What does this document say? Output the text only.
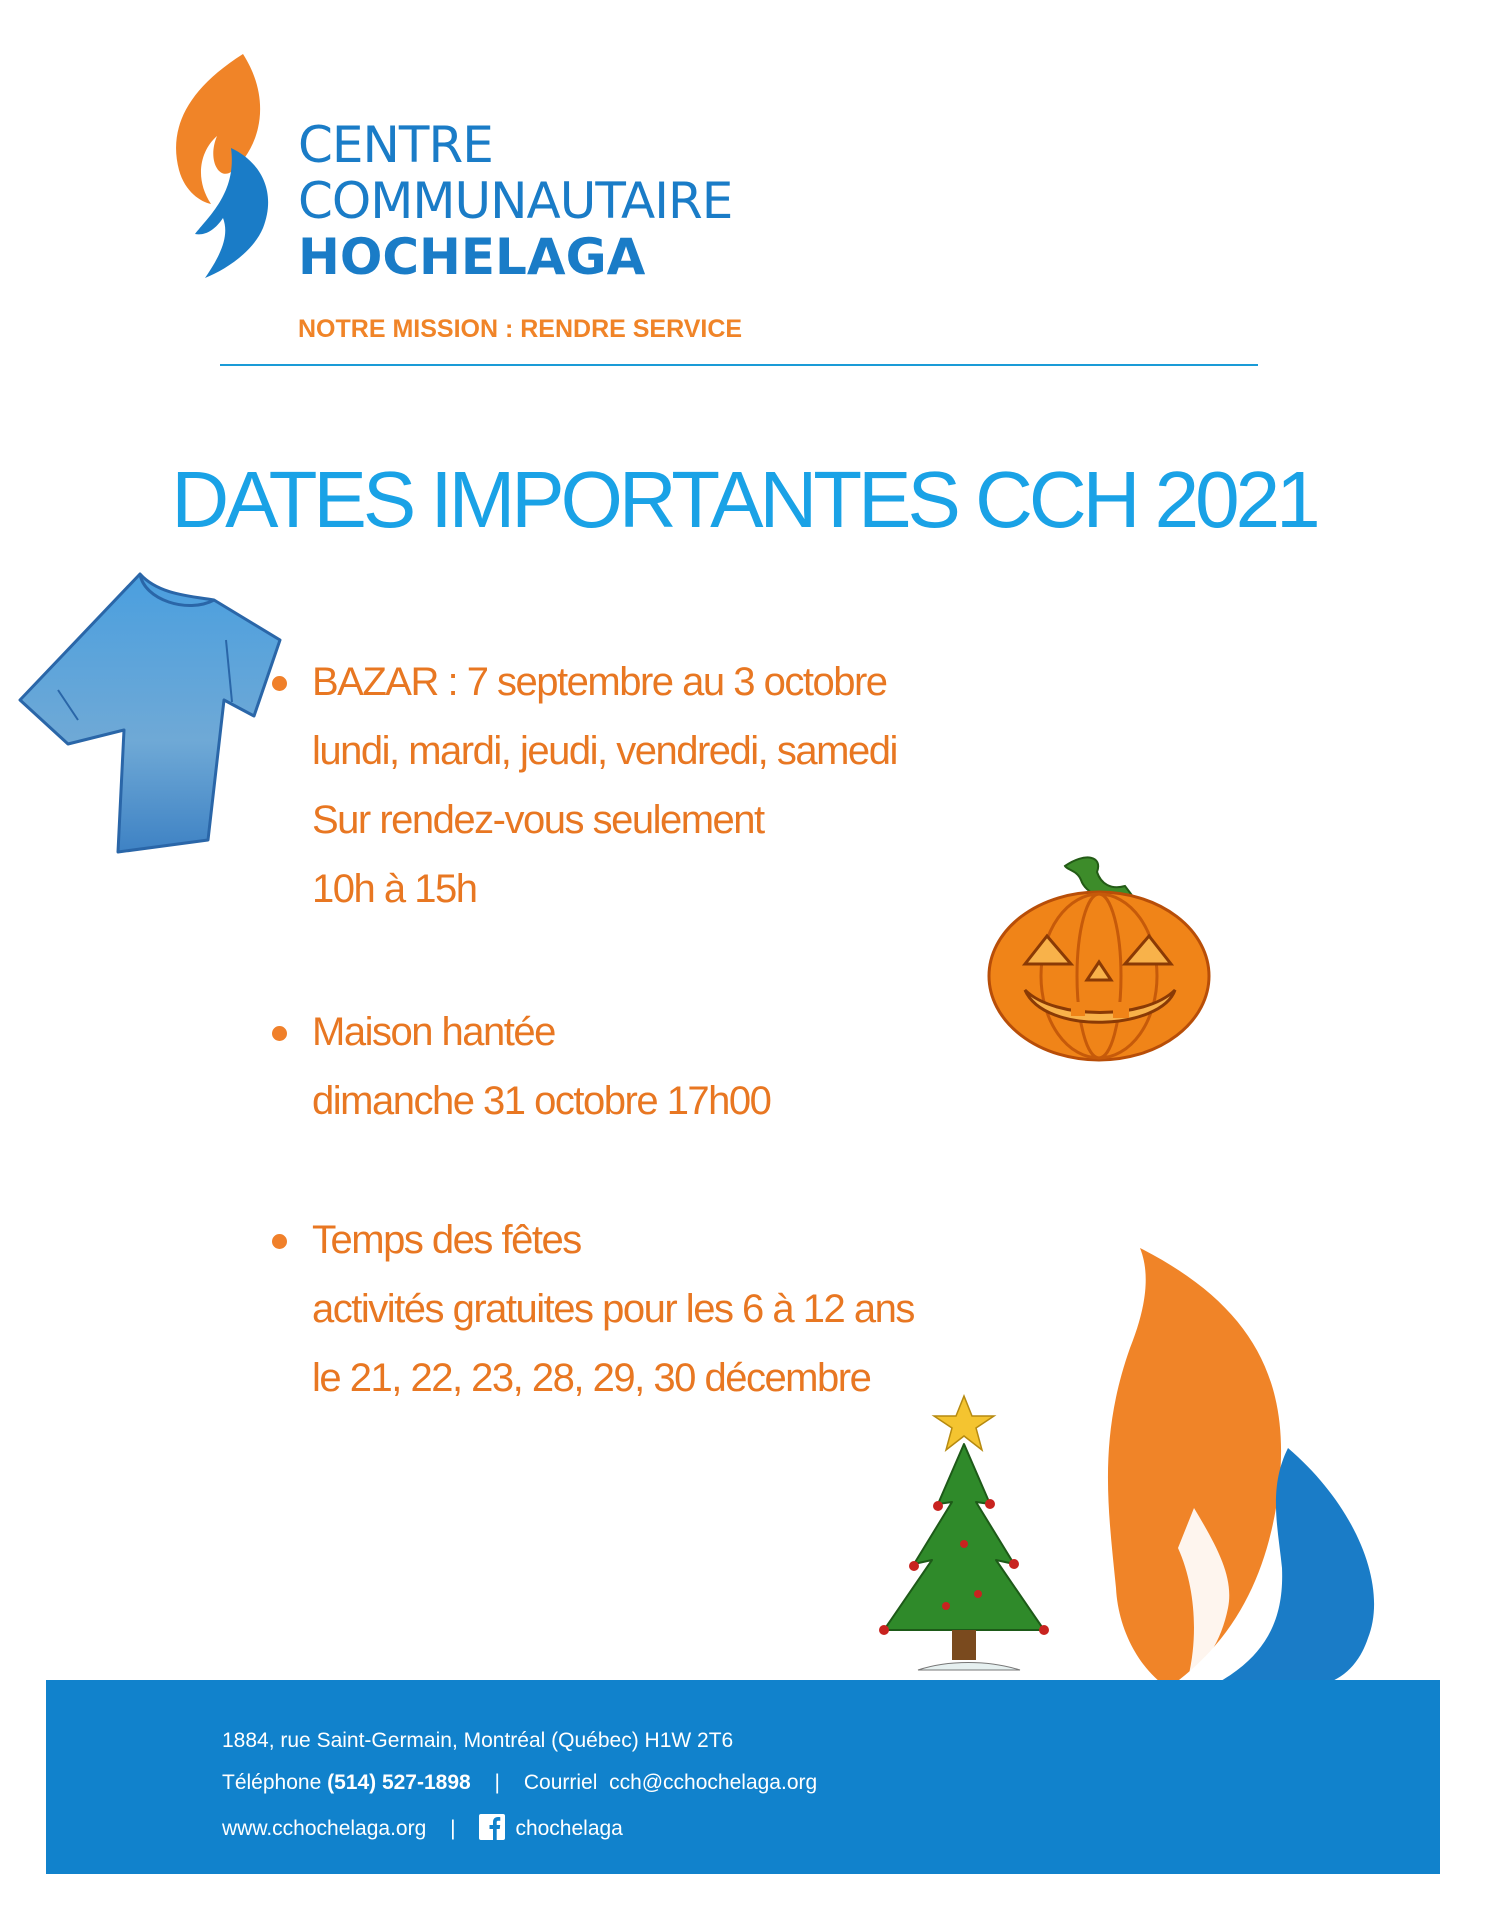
CENTRE

COMMUNAUTAIRE

HOCHELAGA

NOTRE MISSION : RENDRE SERVICE

DATES IMPORTANTES CCH 2021

BAZAR : 7 septembre au 3 octobre

lundi, mardi, jeudi, vendredi, samedi

Sur rendez-vous seulement

10h à 15h

Maison hantée

dimanche 31 octobre 17h00

Temps des fêtes

activités gratuites pour les 6 à 12 ans

le 21, 22, 23, 28, 29, 30 décembre

1884, rue Saint-Germain, Montréal (Québec) H1W 2T6

Téléphone (514) 527-1898 | Courriel cch@cchochelaga.org

www.cchochelaga.org |	chochelaga
